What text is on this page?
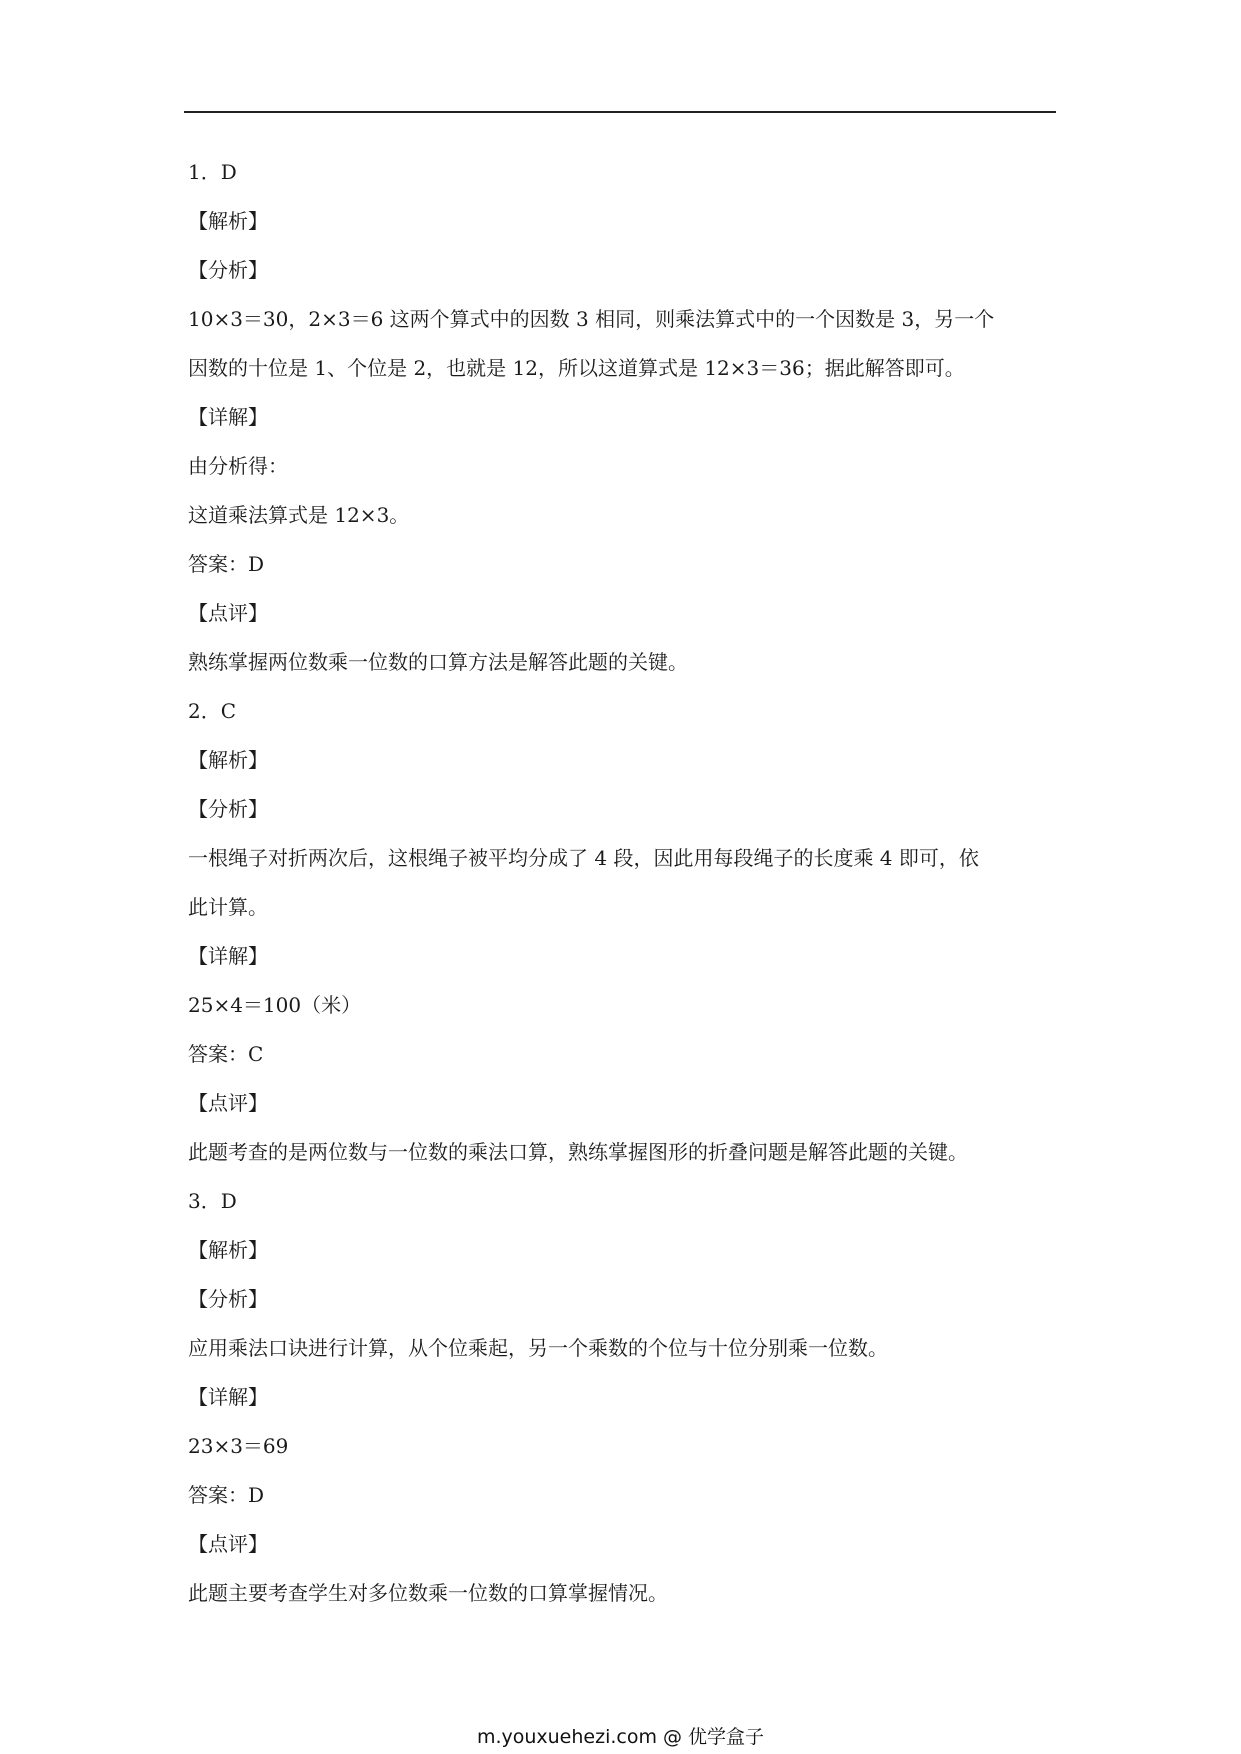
1．D
【解析】
【分析】
10×3＝30，2×3＝6 这两个算式中的因数 3 相同，则乘法算式中的一个因数是 3，另一个
因数的十位是 1、个位是 2，也就是 12，所以这道算式是 12×3＝36；据此解答即可。
【详解】
由分析得：
这道乘法算式是 12×3。
答案：D
【点评】
熟练掌握两位数乘一位数的口算方法是解答此题的关键。
2．C
【解析】
【分析】
一根绳子对折两次后，这根绳子被平均分成了 4 段，因此用每段绳子的长度乘 4 即可，依
此计算。
【详解】
25×4＝100（米）
答案：C
【点评】
此题考查的是两位数与一位数的乘法口算，熟练掌握图形的折叠问题是解答此题的关键。
3．D
【解析】
【分析】
应用乘法口诀进行计算，从个位乘起，另一个乘数的个位与十位分别乘一位数。
【详解】
23×3＝69
答案：D
【点评】
此题主要考查学生对多位数乘一位数的口算掌握情况。
m.youxuehezi.com @ 优学盒子
